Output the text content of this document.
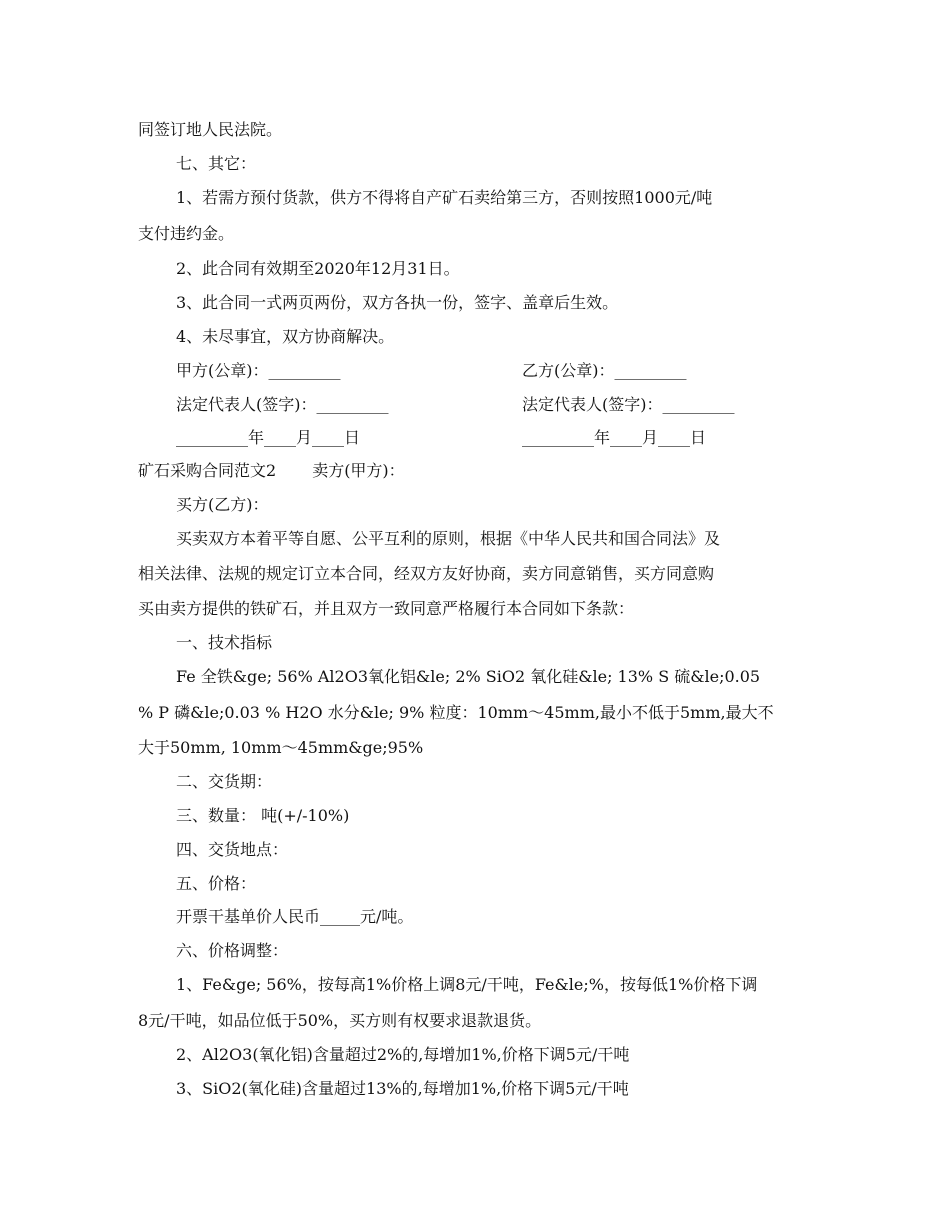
同签订地人民法院。
七、其它：
1、若需方预付货款，供方不得将自产矿石卖给第三方，否则按照1000元/吨
支付违约金。
2、此合同有效期至2020年12月31日。
3、此合同一式两页两份，双方各执一份，签字、盖章后生效。
4、未尽事宜，双方协商解决。
甲方(公章)：_________	乙方(公章)：_________
法定代表人(签字)：_________	法定代表人(签字)：_________
_________年____月____日	_________年____月____日
矿石采购合同范文2 卖方(甲方)：
买方(乙方)：
买卖双方本着平等自愿、公平互利的原则，根据《中华人民共和国合同法》及
相关法律、法规的规定订立本合同，经双方友好协商，卖方同意销售，买方同意购
买由卖方提供的铁矿石，并且双方一致同意严格履行本合同如下条款：
一、技术指标
Fe 全铁&ge; 56% Al2O3氧化铝&le; 2% SiO2 氧化硅&le; 13% S 硫&le;0.05
% P 磷&le;0.03 % H2O 水分&le; 9% 粒度：10mm～45mm,最小不低于5mm,最大不
大于50mm, 10mm～45mm&ge;95%
二、交货期：
三、数量： 吨(+/-10%)
四、交货地点：
五、价格：
开票干基单价人民币_____元/吨。
六、价格调整：
1、Fe&ge; 56%，按每高1%价格上调8元/干吨，Fe&le;%，按每低1%价格下调
8元/干吨，如品位低于50%，买方则有权要求退款退货。
2、Al2O3(氧化铝)含量超过2%的,每增加1%,价格下调5元/干吨
3、SiO2(氧化硅)含量超过13%的,每增加1%,价格下调5元/干吨
